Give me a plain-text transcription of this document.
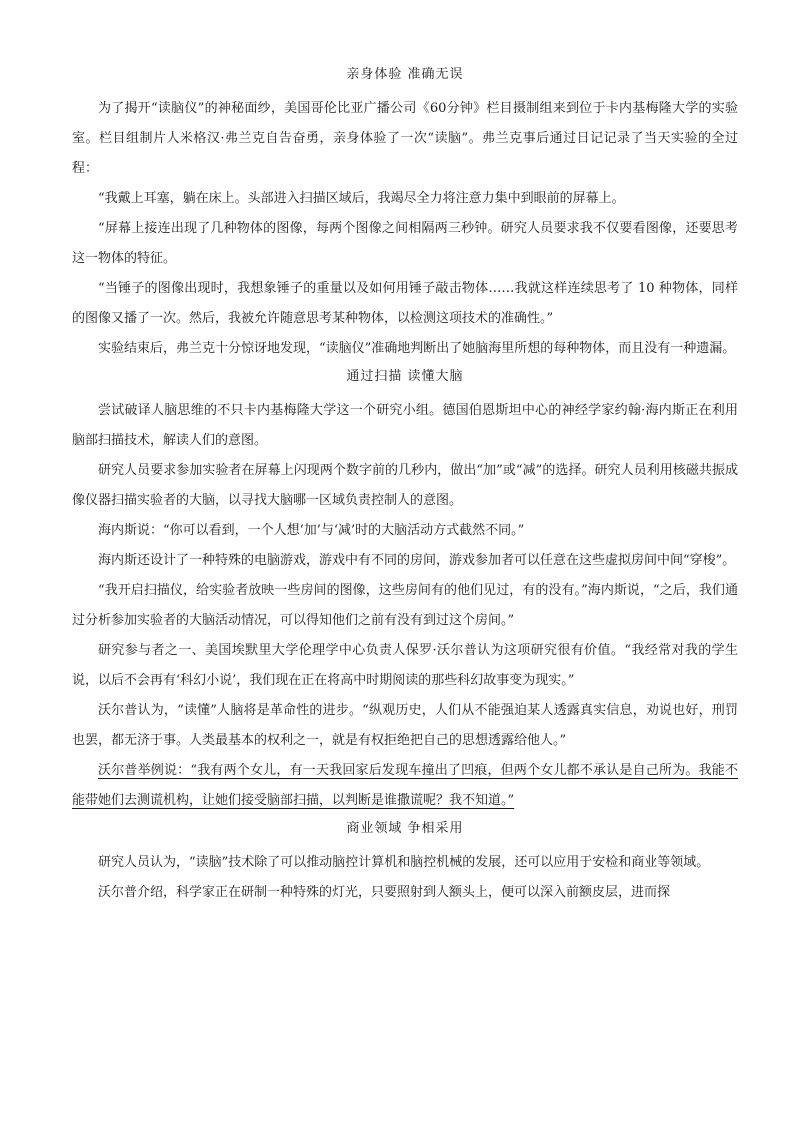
亲身体验 准确无误

为了揭开“读脑仪”的神秘面纱，美国哥伦比亚广播公司《60分钟》栏目摄制组来到位于卡内基梅隆大学的实验室。栏目组制片人米格汉·弗兰克自告奋勇，亲身体验了一次“读脑”。弗兰克事后通过日记记录了当天实验的全过程：

“我戴上耳塞，躺在床上。头部进入扫描区域后，我竭尽全力将注意力集中到眼前的屏幕上。

“屏幕上接连出现了几种物体的图像，每两个图像之间相隔两三秒钟。研究人员要求我不仅要看图像，还要思考这一物体的特征。

“当锤子的图像出现时，我想象锤子的重量以及如何用锤子敲击物体……我就这样连续思考了 10 种物体，同样的图像又播了一次。然后，我被允许随意思考某种物体，以检测这项技术的准确性。”

实验结束后，弗兰克十分惊讶地发现，“读脑仪”准确地判断出了她脑海里所想的每种物体，而且没有一种遗漏。

通过扫描 读懂大脑

尝试破译人脑思维的不只卡内基梅隆大学这一个研究小组。德国伯恩斯坦中心的神经学家约翰·海内斯正在利用脑部扫描技术，解读人们的意图。

研究人员要求参加实验者在屏幕上闪现两个数字前的几秒内，做出“加”或“减”的选择。研究人员利用核磁共振成像仪器扫描实验者的大脑，以寻找大脑哪一区域负责控制人的意图。

海内斯说：“你可以看到，一个人想‘加’与‘减’时的大脑活动方式截然不同。”

海内斯还设计了一种特殊的电脑游戏，游戏中有不同的房间，游戏参加者可以任意在这些虚拟房间中间“穿梭”。

“我开启扫描仪，给实验者放映一些房间的图像，这些房间有的他们见过，有的没有。”海内斯说，“之后，我们通过分析参加实验者的大脑活动情况，可以得知他们之前有没有到过这个房间。”

研究参与者之一、美国埃默里大学伦理学中心负责人保罗·沃尔普认为这项研究很有价值。“我经常对我的学生说，以后不会再有‘科幻小说’，我们现在正在将高中时期阅读的那些科幻故事变为现实。”

沃尔普认为，“读懂”人脑将是革命性的进步。“纵观历史，人们从不能强迫某人透露真实信息，劝说也好，刑罚也罢，都无济于事。人类最基本的权利之一，就是有权拒绝把自己的思想透露给他人。”

沃尔普举例说：“我有两个女儿，有一天我回家后发现车撞出了凹痕，但两个女儿都不承认是自己所为。我能不能带她们去测谎机构，让她们接受脑部扫描，以判断是谁撒谎呢？我不知道。”

商业领域 争相采用

研究人员认为，“读脑”技术除了可以推动脑控计算机和脑控机械的发展，还可以应用于安检和商业等领域。

沃尔普介绍，科学家正在研制一种特殊的灯光，只要照射到人额头上，便可以深入前额皮层，进而探
